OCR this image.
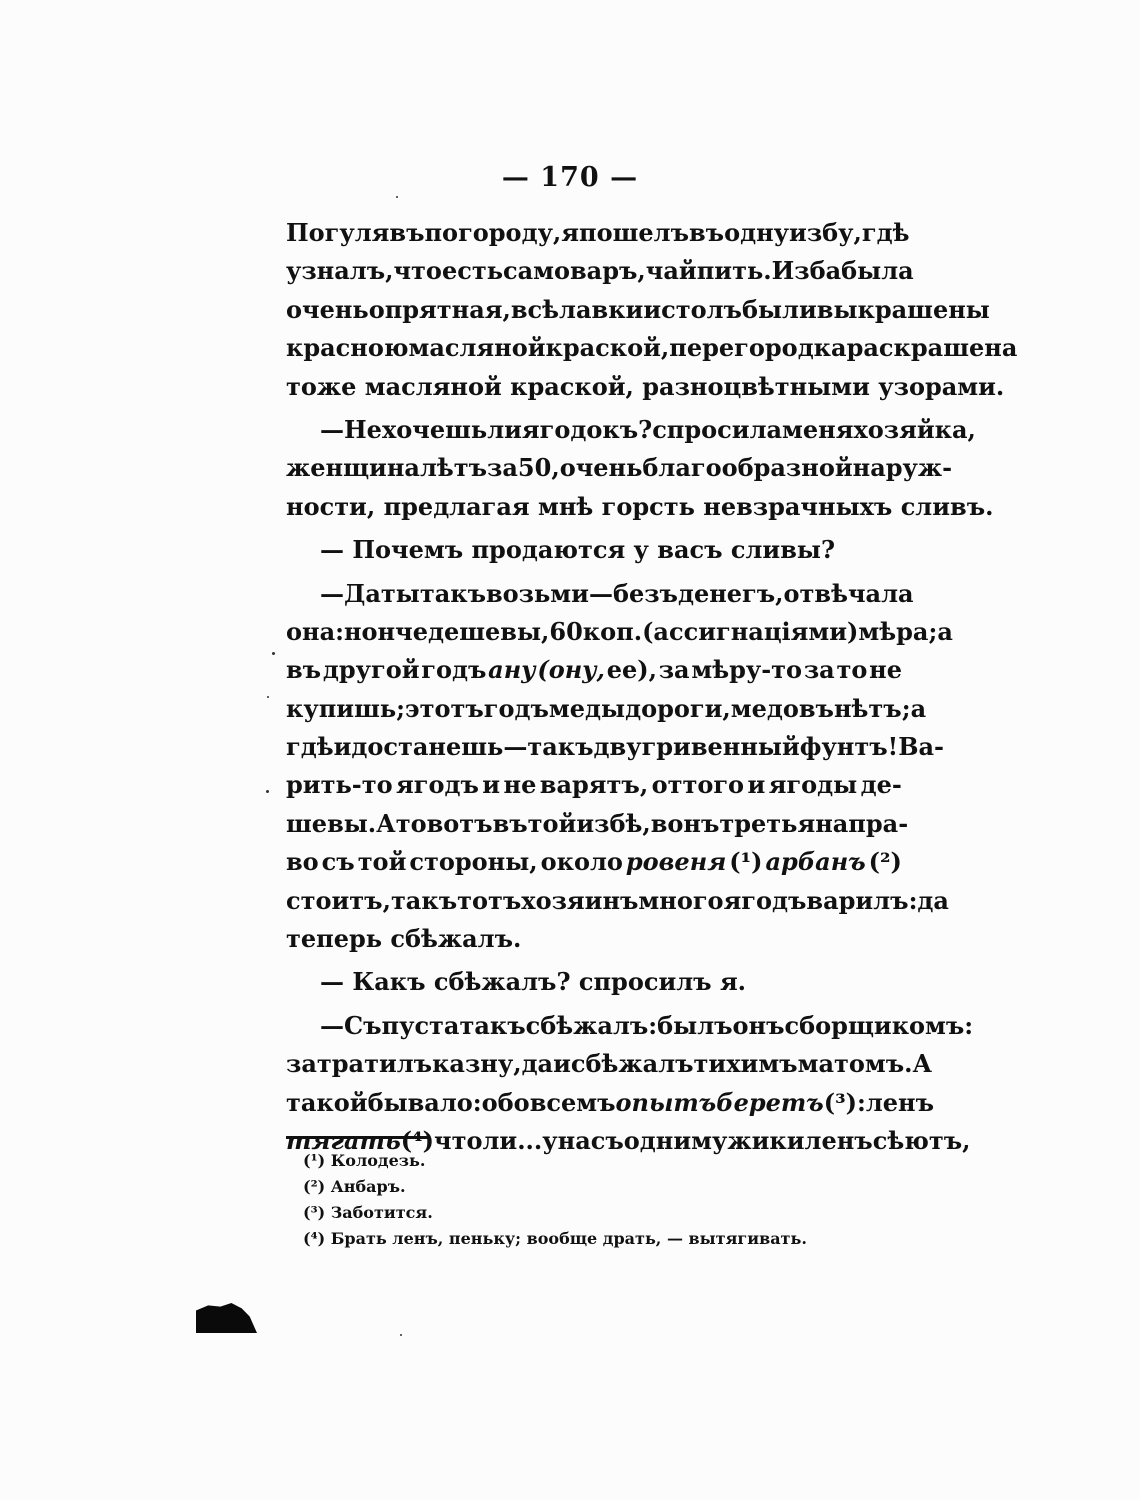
— 170 —
Погулявъ по городу, я пошелъ въ одну избу, гдѣ
узналъ, что есть самоваръ, чай пить. Изба была
очень опрятная, всѣ лавки и столъ были выкрашены
красною масляной краской, перегородка раскрашена
тоже масляной краской, разноцвѣтными узорами.
— Не хочешь ли ягодокъ? спросила меня хозяйка,
женщина лѣтъ за 50, очень благообразной наруж-
ности, предлагая мнѣ горсть невзрачныхъ сливъ.
— Почемъ продаются у васъ сливы?
— Да ты такъ возьми — безъ денегъ, отвѣчала
она: нонче дешевы, 60 коп. (ассигнаціями) мѣра; а
въ другой годъ ану (ону, ее), за мѣру-то за то не
купишь; этотъ годъ меды дороги, медовъ нѣтъ; а
гдѣ и достанешь — такъ двугривенный фунтъ! Ва-
рить-то ягодъ и не варятъ, оттого и ягоды де-
шевы. А то вотъ въ той избѣ, вонъ третья напра-
во съ той стороны, около ровеня (¹) арбанъ (²)
стоитъ, такъ тотъ хозяинъ много ягодъ варилъ: да
теперь сбѣжалъ.
— Какъ сбѣжалъ? спросилъ я.
— Съ пуста такъ сбѣжалъ: былъ онъ сборщикомъ:
затратилъ казну, да и сбѣжалъ тихимъ матомъ. А
такой бывало: обо всемъ опытъ беретъ (³): ленъ
тягать (⁴) что ли... у насъ одни мужики ленъ сѣютъ,
(¹) Колодезь.
(²) Анбаръ.
(³) Заботится.
(⁴) Брать ленъ, пеньку; вообще драть, — вытягивать.
